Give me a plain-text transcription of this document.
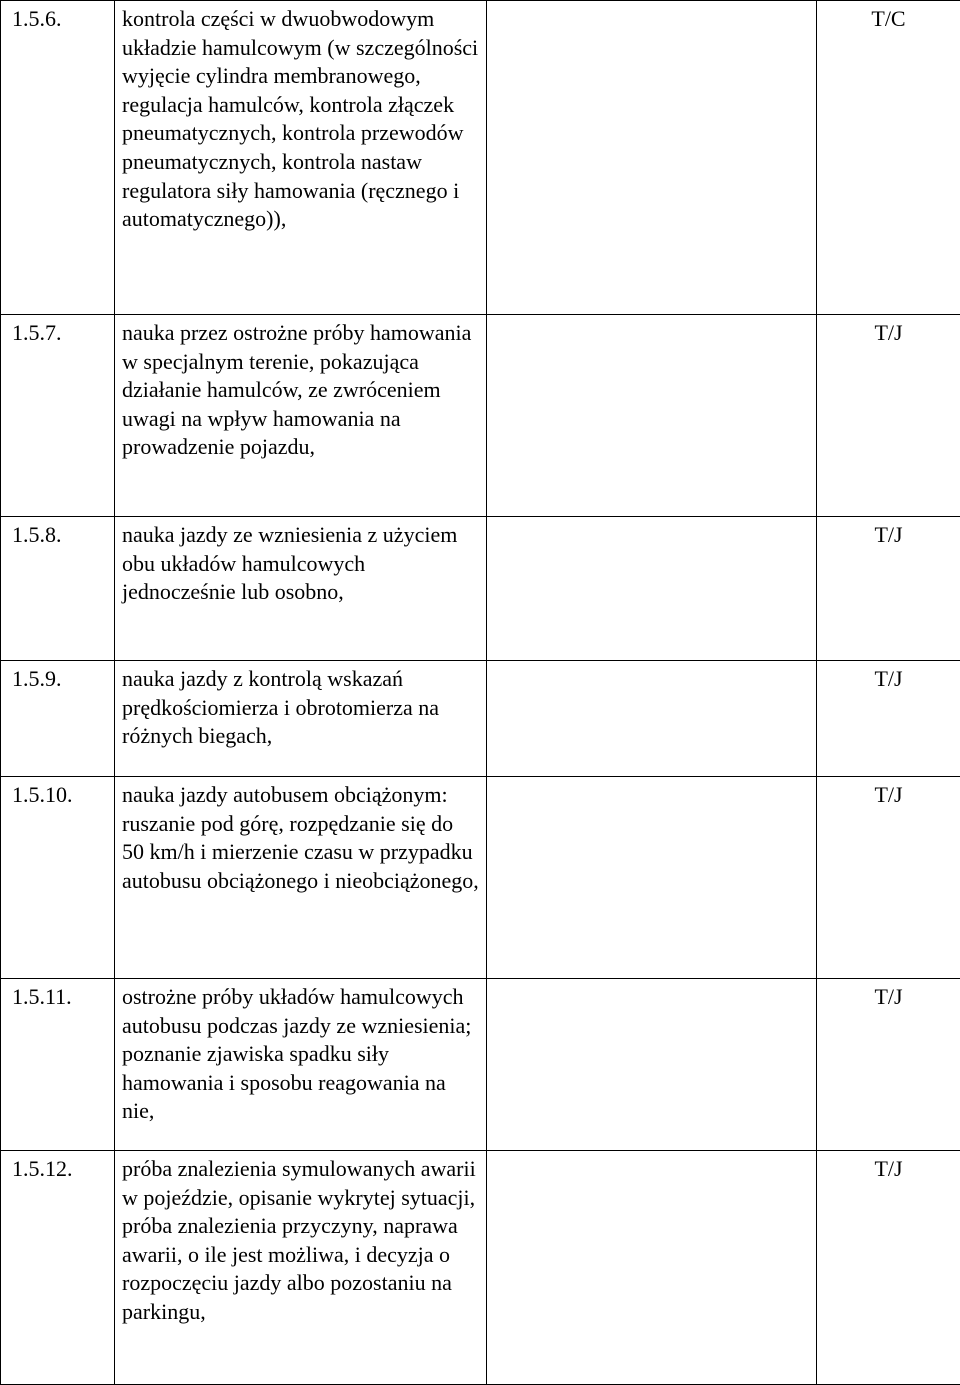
1.5.6.	kontrola części w dwuobwodowym układzie hamulcowym (w szczególności wyjęcie cylindra membranowego, regulacja hamulców, kontrola złączek pneumatycznych, kontrola przewodów pneumatycznych, kontrola nastaw regulatora siły hamowania (ręcznego i automatycznego)),		T/C
1.5.7.	nauka przez ostrożne próby hamowania w specjalnym terenie, pokazująca działanie hamulców, ze zwróceniem uwagi na wpływ hamowania na prowadzenie pojazdu,		T/J
1.5.8.	nauka jazdy ze wzniesienia z użyciem obu układów hamulcowych jednocześnie lub osobno,		T/J
1.5.9.	nauka jazdy z kontrolą wskazań prędkościomierza i obrotomierza na różnych biegach,		T/J
1.5.10.	nauka jazdy autobusem obciążonym: ruszanie pod górę, rozpędzanie się do 50 km/h i mierzenie czasu w przypadku autobusu obciążonego i nieobciążonego,		T/J
1.5.11.	ostrożne próby układów hamulcowych autobusu podczas jazdy ze wzniesienia; poznanie zjawiska spadku siły hamowania i sposobu reagowania na nie,		T/J
1.5.12.	próba znalezienia symulowanych awarii w pojeździe, opisanie wykrytej sytuacji, próba znalezienia przyczyny, naprawa awarii, o ile jest możliwa, i decyzja o rozpoczęciu jazdy albo pozostaniu na parkingu,		T/J
